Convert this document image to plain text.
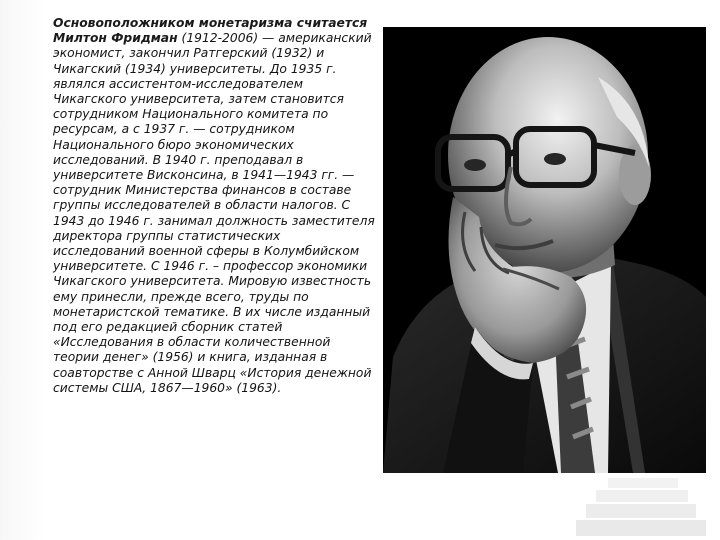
Основоположником монетаризма считается Милтон Фридман (1912-2006) — американский экономист, закончил Ратгерский (1932) и Чикагский (1934) университеты. До 1935 г. являлся ассистентом-исследователем Чикагского университета, затем становится сотрудником Национального комитета по ресурсам, а с 1937 г. — сотрудником Национального бюро экономических исследований. В 1940 г. преподавал в университете Висконсина, в 1941—1943 гг. — сотрудник Министерства финансов в составе группы исследователей в области налогов. С 1943 до 1946 г. занимал должность заместителя директора группы статистических исследований военной сферы в Колумбийском университете. С 1946 г. – профессор экономики Чикагского университета. Мировую известность ему принесли, прежде всего, труды по монетаристской тематике. В их числе изданный под его редакцией сборник статей «Исследования в области количественной теории денег» (1956) и книга, изданная в соавторстве с Анной Шварц «История денежной системы США, 1867—1960» (1963).
